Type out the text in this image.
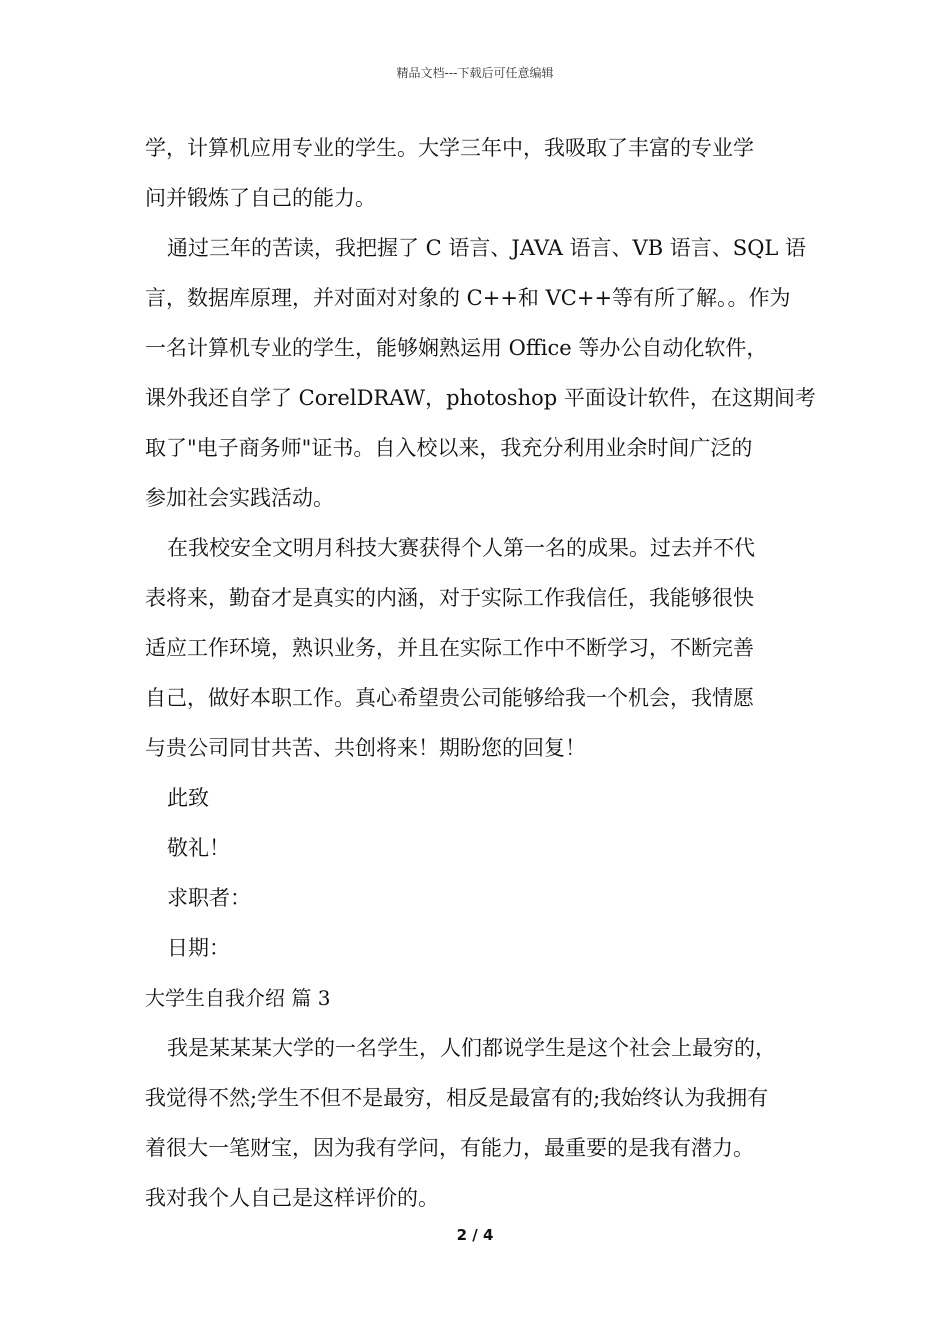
精品文档---下载后可任意编辑
学，计算机应用专业的学生。大学三年中，我吸取了丰富的专业学
问并锻炼了自己的能力。
通过三年的苦读，我把握了 C 语言、JAVA 语言、VB 语言、SQL 语
言，数据库原理，并对面对对象的 C++和 VC++等有所了解。。作为
一名计算机专业的学生，能够娴熟运用 Office 等办公自动化软件，
课外我还自学了 CorelDRAW，photoshop 平面设计软件，在这期间考
取了"电子商务师"证书。自入校以来，我充分利用业余时间广泛的
参加社会实践活动。
在我校安全文明月科技大赛获得个人第一名的成果。过去并不代
表将来，勤奋才是真实的内涵，对于实际工作我信任，我能够很快
适应工作环境，熟识业务，并且在实际工作中不断学习，不断完善
自己，做好本职工作。真心希望贵公司能够给我一个机会，我情愿
与贵公司同甘共苦、共创将来！期盼您的回复！
此致
敬礼！
求职者：
日期：
大学生自我介绍 篇 3
我是某某某大学的一名学生，人们都说学生是这个社会上最穷的，
我觉得不然;学生不但不是最穷，相反是最富有的;我始终认为我拥有
着很大一笔财宝，因为我有学问，有能力，最重要的是我有潜力。
我对我个人自己是这样评价的。
2 / 4
